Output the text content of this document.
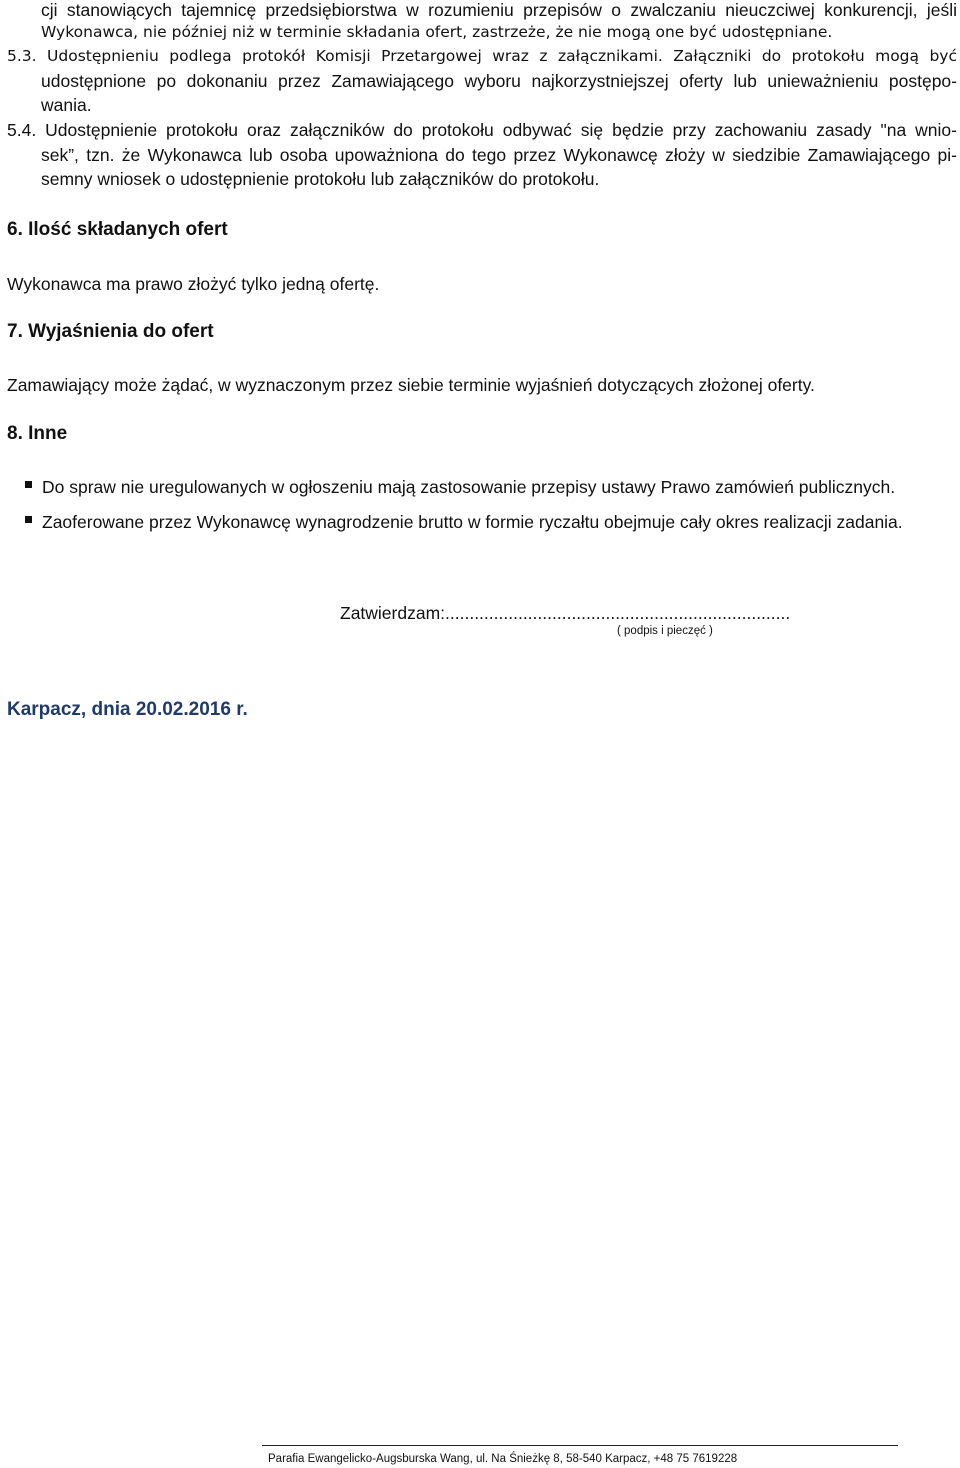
cji stanowiących tajemnicę przedsiębiorstwa w rozumieniu przepisów o zwalczaniu nieuczciwej konkurencji, jeśli
Wykonawca, nie później niż w terminie składania ofert, zastrzeże, że nie mogą one być udostępniane.
5.3. Udostępnieniu podlega protokół Komisji Przetargowej wraz z załącznikami. Załączniki do protokołu mogą być
udostępnione po dokonaniu przez Zamawiającego wyboru najkorzystniejszej oferty lub unieważnieniu postępo-
wania.
5.4. Udostępnienie protokołu oraz załączników do protokołu odbywać się będzie przy zachowaniu zasady "na wnio-
sek”, tzn. że Wykonawca lub osoba upoważniona do tego przez Wykonawcę złoży w siedzibie Zamawiającego pi-
semny wniosek o udostępnienie protokołu lub załączników do protokołu.
6. Ilość składanych ofert
Wykonawca ma prawo złożyć tylko jedną ofertę.
7. Wyjaśnienia do ofert
Zamawiający może żądać, w wyznaczonym przez siebie terminie wyjaśnień dotyczących złożonej oferty.
8. Inne
Do spraw nie uregulowanych w ogłoszeniu mają zastosowanie przepisy ustawy Prawo zamówień publicznych.
Zaoferowane przez Wykonawcę wynagrodzenie brutto w formie ryczałtu obejmuje cały okres realizacji zadania.
Zatwierdzam:.......................................................................
( podpis i pieczęć )
Karpacz, dnia 20.02.2016 r.
Parafia Ewangelicko-Augsburska Wang, ul. Na Śnieżkę 8, 58-540 Karpacz, +48 75 7619228
